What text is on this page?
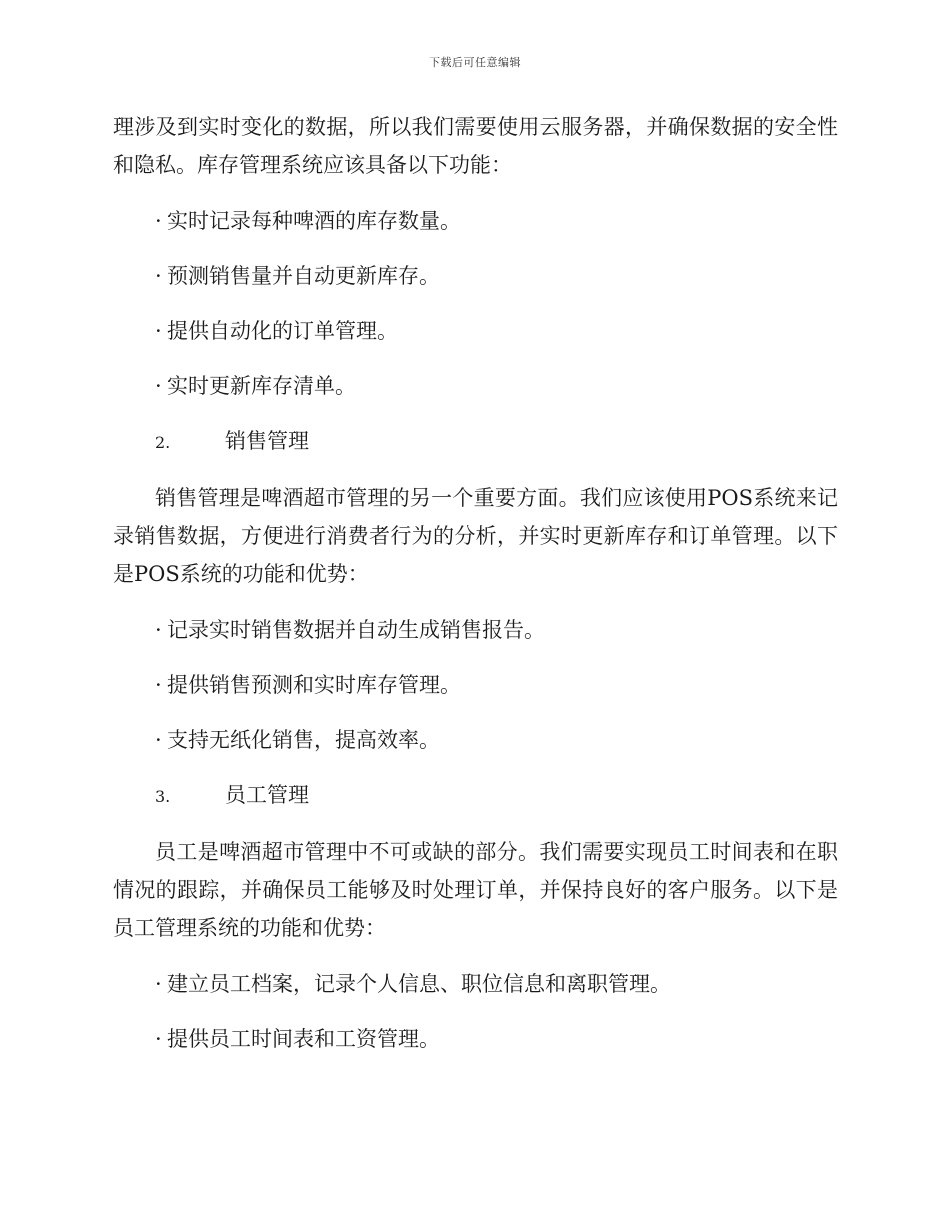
下载后可任意编辑

理涉及到实时变化的数据，所以我们需要使用云服务器，并确保数据的安全性和隐私。库存管理系统应该具备以下功能：

· 实时记录每种啤酒的库存数量。
· 预测销售量并自动更新库存。
· 提供自动化的订单管理。
· 实时更新库存清单。
2.	销售管理

销售管理是啤酒超市管理的另一个重要方面。我们应该使用POS系统来记录销售数据，方便进行消费者行为的分析，并实时更新库存和订单管理。以下是POS系统的功能和优势：

· 记录实时销售数据并自动生成销售报告。
· 提供销售预测和实时库存管理。
· 支持无纸化销售，提高效率。
3.	员工管理

员工是啤酒超市管理中不可或缺的部分。我们需要实现员工时间表和在职情况的跟踪，并确保员工能够及时处理订单，并保持良好的客户服务。以下是员工管理系统的功能和优势：

· 建立员工档案，记录个人信息、职位信息和离职管理。
· 提供员工时间表和工资管理。
